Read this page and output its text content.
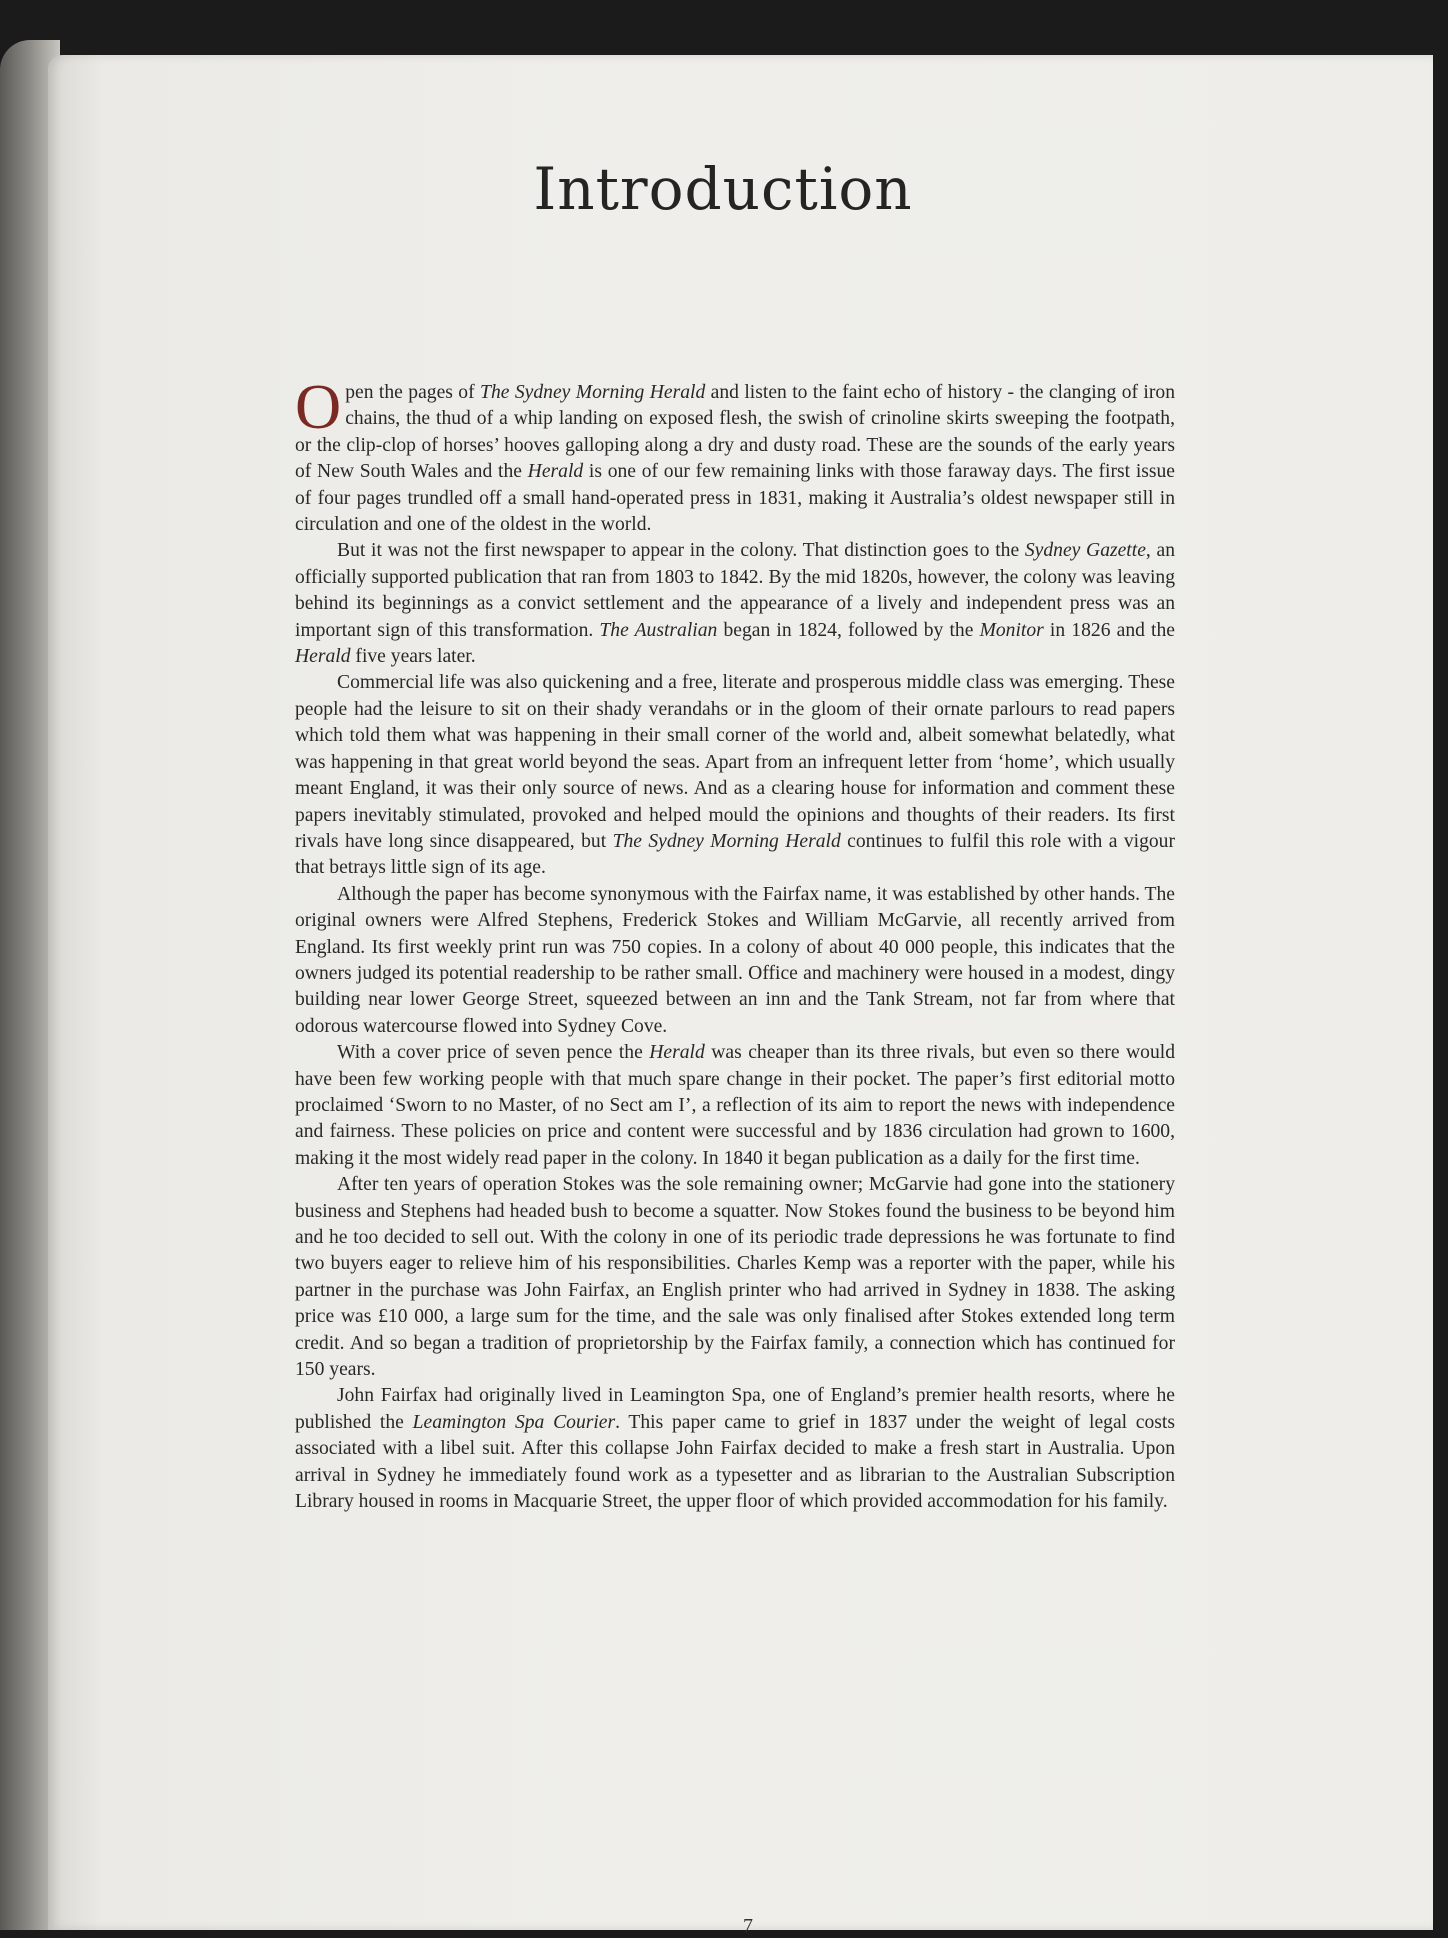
Introduction

Open the pages of The Sydney Morning Herald and listen to the faint echo of history - the clanging of iron chains, the thud of a whip landing on exposed flesh, the swish of crinoline skirts sweeping the footpath, or the clip-clop of horses’ hooves galloping along a dry and dusty road. These are the sounds of the early years of New South Wales and the Herald is one of our few remaining links with those faraway days. The first issue of four pages trundled off a small hand-operated press in 1831, making it Australia’s oldest newspaper still in circulation and one of the oldest in the world.

But it was not the first newspaper to appear in the colony. That distinction goes to the Sydney Gazette, an officially supported publication that ran from 1803 to 1842. By the mid 1820s, however, the colony was leaving behind its beginnings as a convict settlement and the appearance of a lively and independent press was an important sign of this transformation. The Australian began in 1824, followed by the Monitor in 1826 and the Herald five years later.

Commercial life was also quickening and a free, literate and prosperous middle class was emerging. These people had the leisure to sit on their shady verandahs or in the gloom of their ornate parlours to read papers which told them what was happening in their small corner of the world and, albeit somewhat belatedly, what was happening in that great world beyond the seas. Apart from an infrequent letter from ‘home’, which usually meant England, it was their only source of news. And as a clearing house for information and comment these papers inevitably stimulated, provoked and helped mould the opinions and thoughts of their readers. Its first rivals have long since disappeared, but The Sydney Morning Herald continues to fulfil this role with a vigour that betrays little sign of its age.

Although the paper has become synonymous with the Fairfax name, it was established by other hands. The original owners were Alfred Stephens, Frederick Stokes and William McGarvie, all recently arrived from England. Its first weekly print run was 750 copies. In a colony of about 40 000 people, this indicates that the owners judged its potential readership to be rather small. Office and machinery were housed in a modest, dingy building near lower George Street, squeezed between an inn and the Tank Stream, not far from where that odorous watercourse flowed into Sydney Cove.

With a cover price of seven pence the Herald was cheaper than its three rivals, but even so there would have been few working people with that much spare change in their pocket. The paper’s first editorial motto proclaimed ‘Sworn to no Master, of no Sect am I’, a reflection of its aim to report the news with independence and fairness. These policies on price and content were successful and by 1836 circulation had grown to 1600, making it the most widely read paper in the colony. In 1840 it began publication as a daily for the first time.

After ten years of operation Stokes was the sole remaining owner; McGarvie had gone into the stationery business and Stephens had headed bush to become a squatter. Now Stokes found the business to be beyond him and he too decided to sell out. With the colony in one of its periodic trade depressions he was fortunate to find two buyers eager to relieve him of his responsibilities. Charles Kemp was a reporter with the paper, while his partner in the purchase was John Fairfax, an English printer who had arrived in Sydney in 1838. The asking price was £10 000, a large sum for the time, and the sale was only finalised after Stokes extended long term credit. And so began a tradition of proprietorship by the Fairfax family, a connection which has continued for 150 years.

John Fairfax had originally lived in Leamington Spa, one of England’s premier health resorts, where he published the Leamington Spa Courier. This paper came to grief in 1837 under the weight of legal costs associated with a libel suit. After this collapse John Fairfax decided to make a fresh start in Australia. Upon arrival in Sydney he immediately found work as a typesetter and as librarian to the Australian Subscription Library housed in rooms in Macquarie Street, the upper floor of which provided accommodation for his family.

7
